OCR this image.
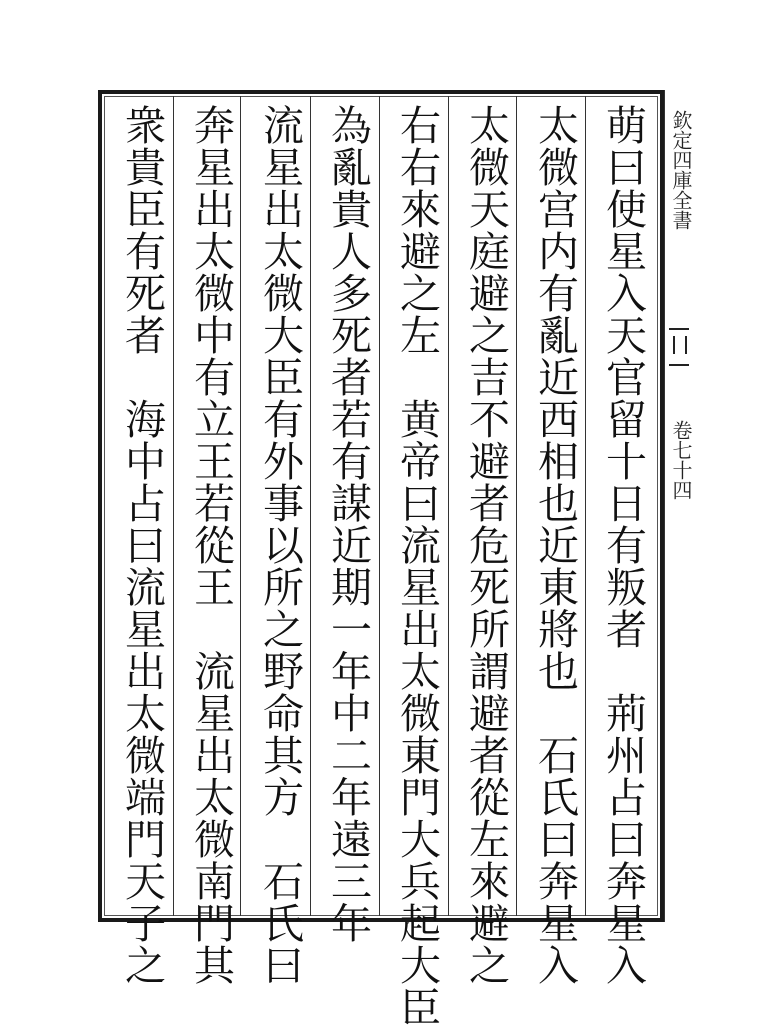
欽定四庫全書
卷七十四
萌曰使星入天官留十日有叛者　荊州占曰奔星入
太微宫内有亂近西相也近東將也　石氏曰奔星入
太微天庭避之吉不避者危死所謂避者從左來避之
右右來避之左　黄帝曰流星出太微東門大兵起大臣
為亂貴人多死者若有謀近期一年中二年遠三年
流星出太微大臣有外事以所之野命其方　石氏曰
奔星出太微中有立王若從王　流星出太微南門其
衆貴臣有死者　海中占曰流星出太微端門天子之
